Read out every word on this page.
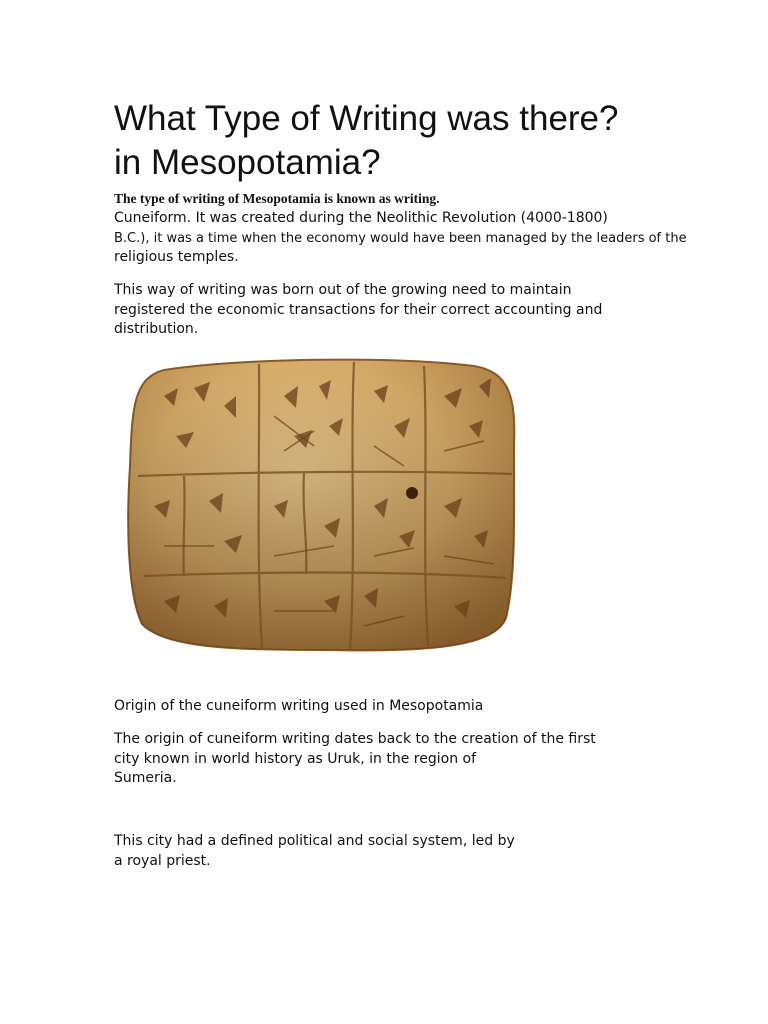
What Type of Writing was there?
in Mesopotamia?

The type of writing of Mesopotamia is known as writing.

Cuneiform. It was created during the Neolithic Revolution (4000-1800)
B.C.), it was a time when the economy would have been managed by the leaders of the
religious temples.
This way of writing was born out of the growing need to maintain
registered the economic transactions for their correct accounting and
distribution.

Origin of the cuneiform writing used in Mesopotamia

The origin of cuneiform writing dates back to the creation of the first
city known in world history as Uruk, in the region of
Sumeria.
This city had a defined political and social system, led by
a royal priest.
